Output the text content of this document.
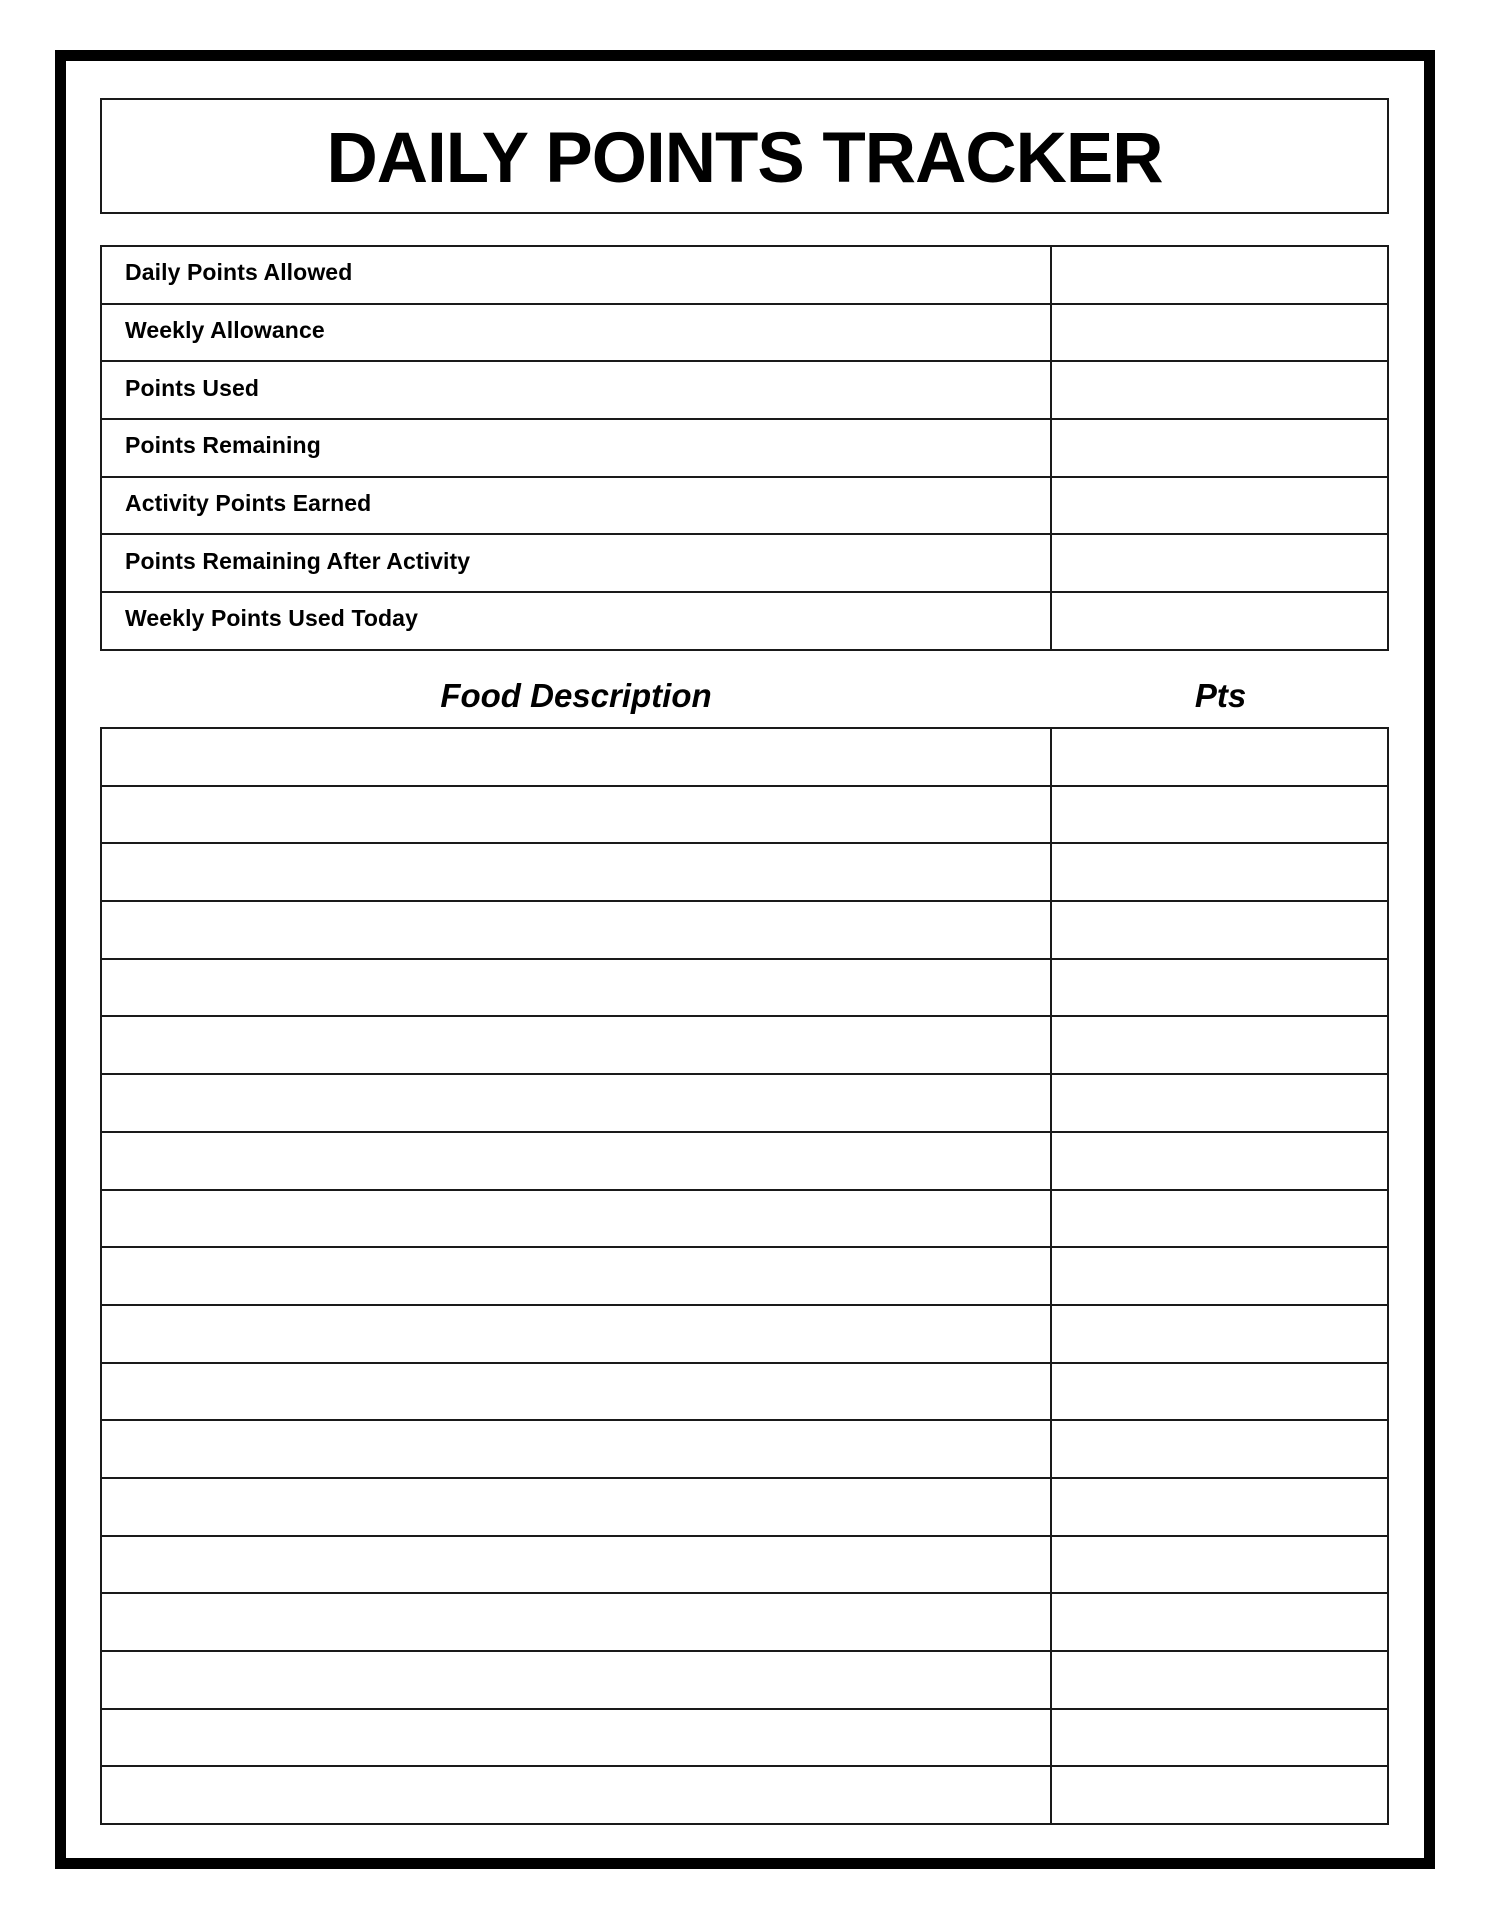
DAILY POINTS TRACKER
Daily Points Allowed
Weekly Allowance
Points Used
Points Remaining
Activity Points Earned
Points Remaining After Activity
Weekly Points Used Today
Food Description	Pts
